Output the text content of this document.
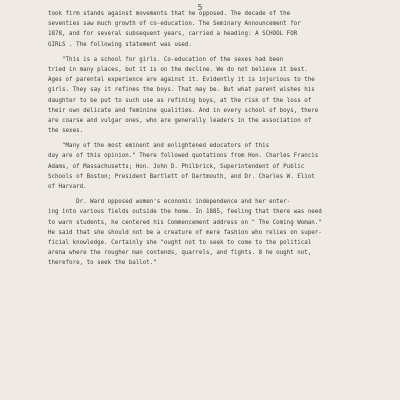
5
took firm stands against movements that he opposed. The decade of the
seventies saw much growth of co-education. The Seminary Announcement for
1878, and for several subsequent years, carried a heading: A SCHOOL FOR
GIRLS . The following statement was used.
"This is a school for girls. Co-education of the sexes had been
tried in many places, but it is on the decline. We do not believe it best.
Ages of parental experience are against it. Evidently it is injurious to the
girls. They say it refines the boys. That may be. But what parent wishes his
daughter to be put to such use as refining boys, at the risk of the loss of
their own delicate and feminine qualities. And in every school of boys, there
are coarse and vulgar ones, who are generally leaders in the association of
the sexes.
"Many of the most eminent and enlightened educators of this
day are of this opinion." There followed quotations from Hon. Charles Francis
Adams, of Massachusetts; Hon. John D. Philbrick, Superintendent of Public
Schools of Boston; President Bartlett of Dartmouth, and Dr. Charles W. Eliot
of Harvard.
Dr. Ward opposed women's economic independence and her enter-
ing into various fields outside the home. In 1885, feeling that there was need
to warn students, he centered his Commencement address on " The Coming Woman."
He said that she should not be a creature of mere fashion who relies on super-
ficial knowledge. Certainly she "ought not to seek to come to the political
arena where the rougher man contends, quarrels, and fights. 8 he ought not,
therefore, to seek the ballot."
